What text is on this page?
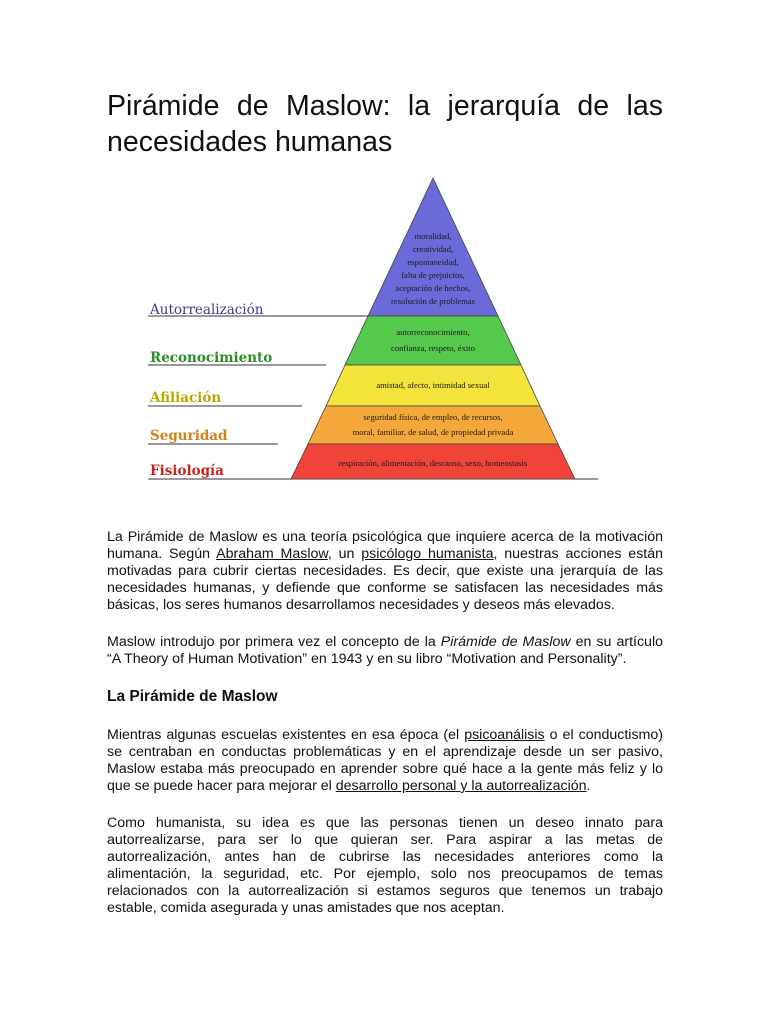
Pirámide de Maslow: la jerarquía de las necesidades humanas
Autorrealización
Reconocimiento
Afiliación
Seguridad
Fisiología
moralidad,
creatividad,
espontaneidad,
falta de prejuicios,
aceptación de hechos,
resolución de problemas
autorreconocimiento,
confianza, respeto, éxito
amistad, afecto, intimidad sexual
seguridad física, de empleo, de recursos,
moral, familiar, de salud, de propiedad privada
respiración, alimentación, descanso, sexo, homeostasis

La Pirámide de Maslow es una teoría psicológica que inquiere acerca de la motivación humana. Según Abraham Maslow, un psicólogo humanista, nuestras acciones están motivadas para cubrir ciertas necesidades. Es decir, que existe una jerarquía de las necesidades humanas, y defiende que conforme se satisfacen las necesidades más básicas, los seres humanos desarrollamos necesidades y deseos más elevados.

Maslow introdujo por primera vez el concepto de la Pirámide de Maslow en su artículo “A Theory of Human Motivation” en 1943 y en su libro “Motivation and Personality”.

La Pirámide de Maslow

Mientras algunas escuelas existentes en esa época (el psicoanálisis o el conductismo) se centraban en conductas problemáticas y en el aprendizaje desde un ser pasivo, Maslow estaba más preocupado en aprender sobre qué hace a la gente más feliz y lo que se puede hacer para mejorar el desarrollo personal y la autorrealización.

Como humanista, su idea es que las personas tienen un deseo innato para autorrealizarse, para ser lo que quieran ser. Para aspirar a las metas de autorrealización, antes han de cubrirse las necesidades anteriores como la alimentación, la seguridad, etc. Por ejemplo, solo nos preocupamos de temas relacionados con la autorrealización si estamos seguros que tenemos un trabajo estable, comida asegurada y unas amistades que nos aceptan.
